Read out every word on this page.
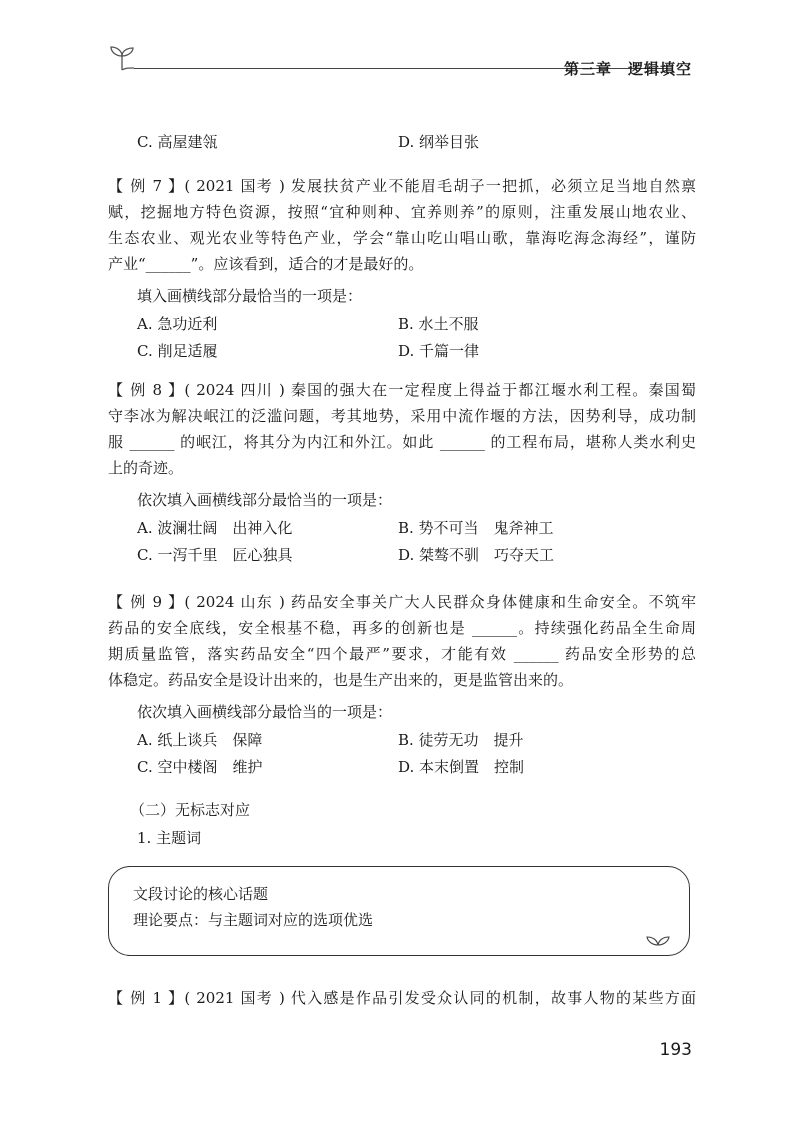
第三章　逻辑填空
C. 高屋建瓴	D. 纲举目张
【 例 7 】( 2021 国考 ) 发展扶贫产业不能眉毛胡子一把抓，必须立足当地自然禀
赋，挖掘地方特色资源，按照“宜种则种、宜养则养”的原则，注重发展山地农业、
生态农业、观光农业等特色产业，学会“靠山吃山唱山歌，靠海吃海念海经”，谨防
产业“______”。应该看到，适合的才是最好的。
填入画横线部分最恰当的一项是：
A. 急功近利	B. 水土不服
C. 削足适履	D. 千篇一律
【 例 8 】( 2024 四川 ) 秦国的强大在一定程度上得益于都江堰水利工程。秦国蜀
守李冰为解决岷江的泛滥问题，考其地势，采用中流作堰的方法，因势利导，成功制
服 ______ 的岷江，将其分为内江和外江。如此 ______ 的工程布局，堪称人类水利史
上的奇迹。
依次填入画横线部分最恰当的一项是：
A. 波澜壮阔　出神入化	B. 势不可当　鬼斧神工
C. 一泻千里　匠心独具	D. 桀骜不驯　巧夺天工
【 例 9 】( 2024 山东 ) 药品安全事关广大人民群众身体健康和生命安全。不筑牢
药品的安全底线，安全根基不稳，再多的创新也是 ______。持续强化药品全生命周
期质量监管，落实药品安全“四个最严”要求，才能有效 ______ 药品安全形势的总
体稳定。药品安全是设计出来的，也是生产出来的，更是监管出来的。
依次填入画横线部分最恰当的一项是：
A. 纸上谈兵　保障	B. 徒劳无功　提升
C. 空中楼阁　维护	D. 本末倒置　控制
（二）无标志对应
1. 主题词
文段讨论的核心话题
理论要点：与主题词对应的选项优选
【 例 1 】( 2021 国考 ) 代入感是作品引发受众认同的机制，故事人物的某些方面
193
